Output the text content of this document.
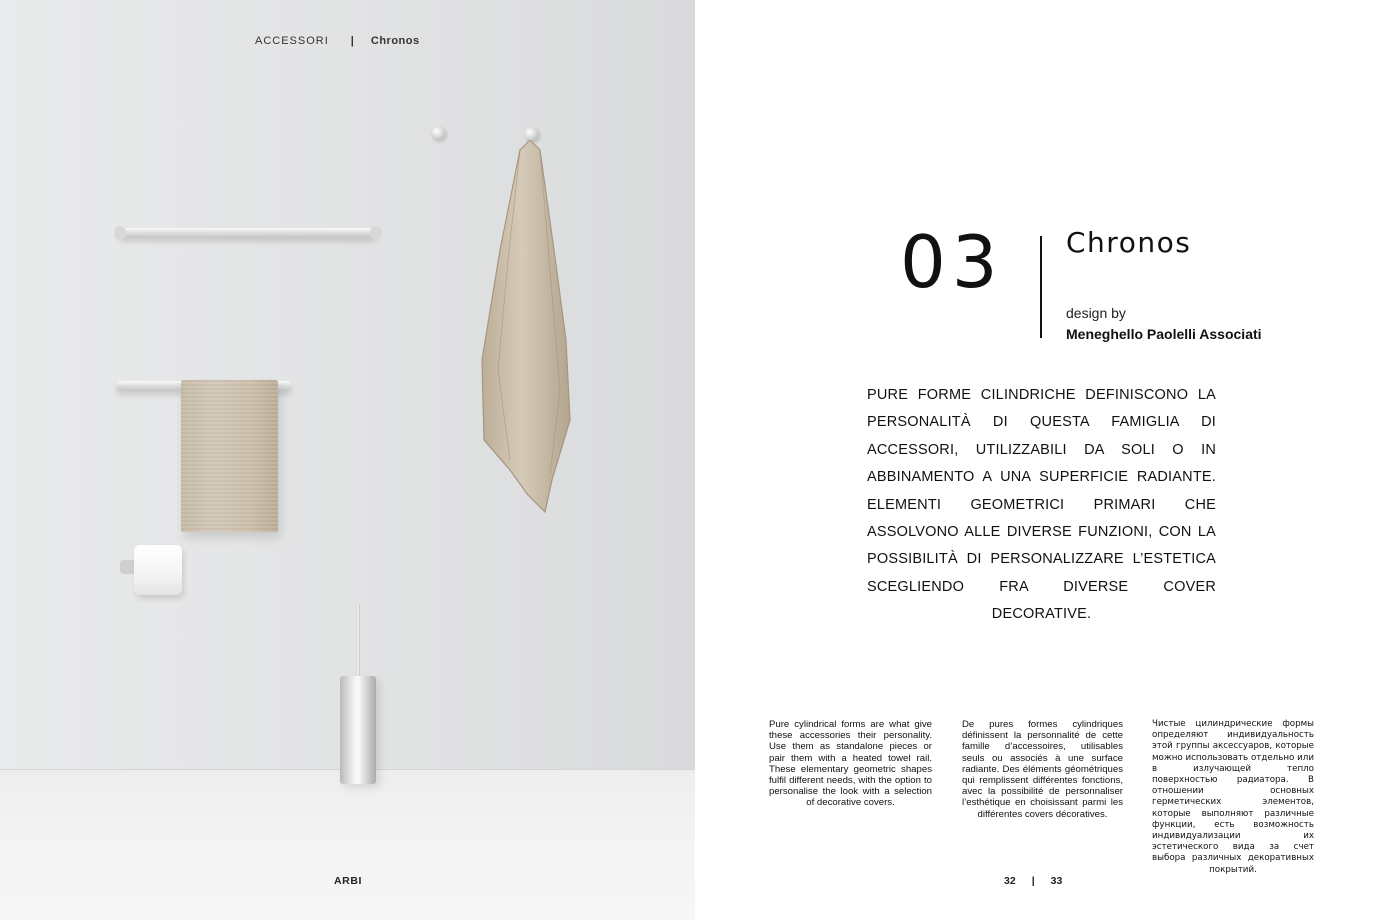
ACCESSORI | Chronos
ARBI
03 Chronos
design by
Meneghello Paolelli Associati
PURE FORME CILINDRICHE DEFINISCONO LA PERSONALITÀ DI QUESTA FAMIGLIA DI ACCESSORI, UTILIZZABILI DA SOLI O IN ABBINAMENTO A UNA SUPERFICIE RADIANTE. ELEMENTI GEOMETRICI PRIMARI CHE ASSOLVONO ALLE DIVERSE FUNZIONI, CON LA POSSIBILITÀ DI PERSONALIZZARE L’ESTETICA SCEGLIENDO FRA DIVERSE COVER DECORATIVE.
Pure cylindrical forms are what give these accessories their personality. Use them as standalone pieces or pair them with a heated towel rail. These elementary geometric shapes fulfil different needs, with the option to personalise the look with a selection of decorative covers.
De pures formes cylindriques définissent la personnalité de cette famille d’accessoires, utilisables seuls ou associés à une surface radiante. Des éléments géométriques qui remplissent différentes fonctions, avec la possibilité de personnaliser l’esthétique en choisissant parmi les différentes covers décoratives.
Чистые цилиндрические формы определяют индивидуальность этой группы аксессуаров, которые можно использовать отдельно или в излучающей тепло поверхностью радиатора. В отношении основных герметических элементов, которые выполняют различные функции, есть возможность индивидуализации их эстетического вида за счет выбора различных декоративных покрытий.
32 | 33
